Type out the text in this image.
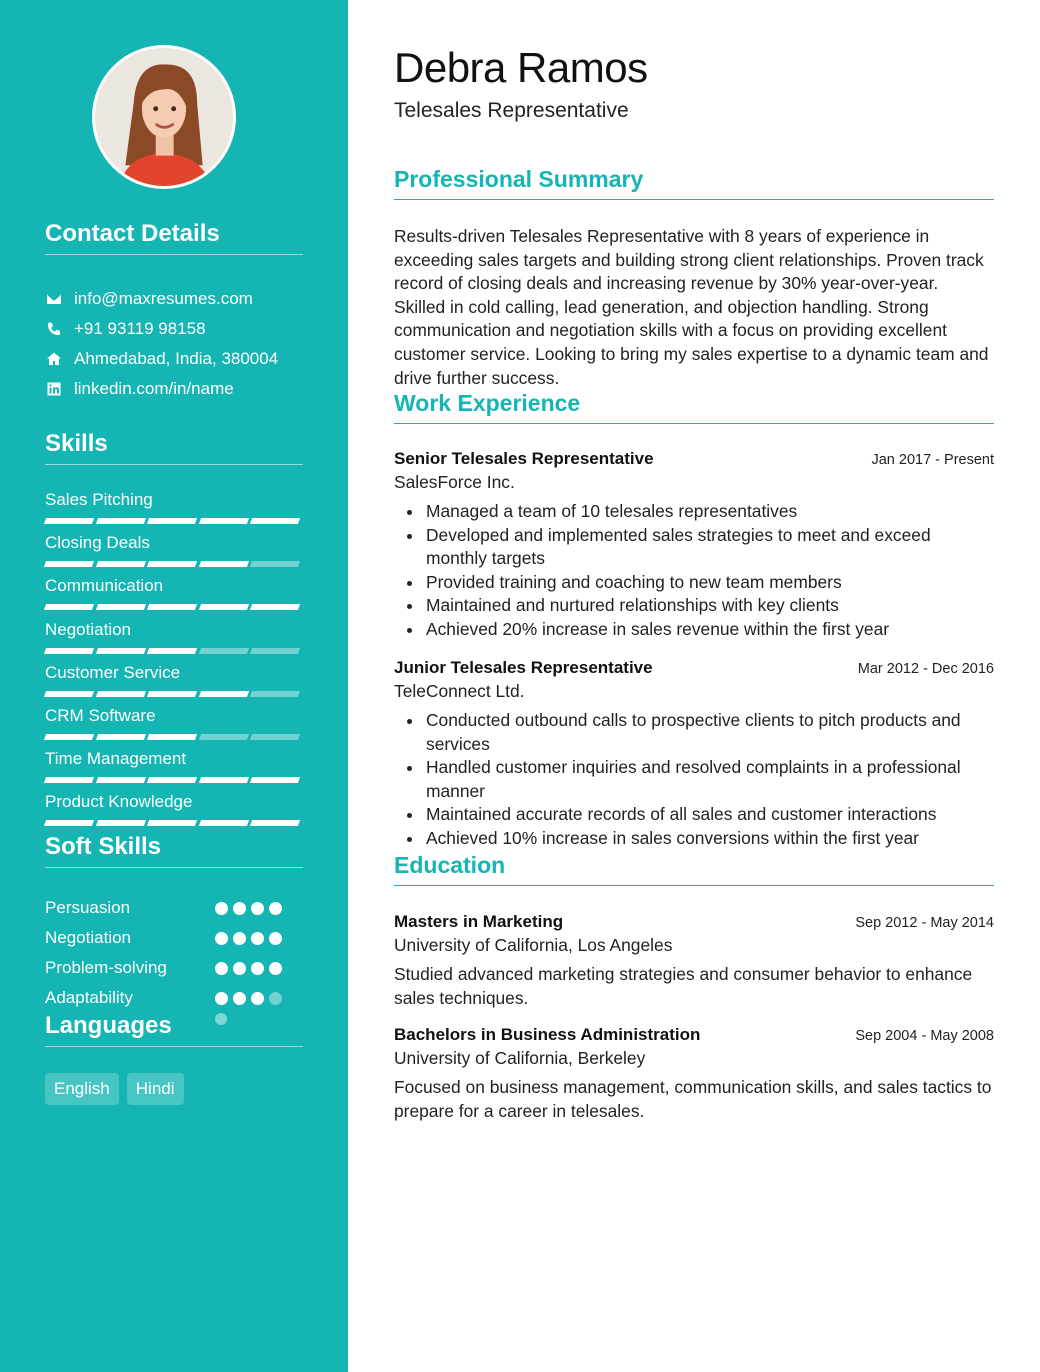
Contact Details
info@maxresumes.com
+91 93119 98158
Ahmedabad, India, 380004
linkedin.com/in/name
Skills
Sales Pitching
Closing Deals
Communication
Negotiation
Customer Service
CRM Software
Time Management
Product Knowledge
Soft Skills
Persuasion
Negotiation
Problem-solving
Adaptability
Languages
English	Hindi
Debra Ramos
Telesales Representative
Professional Summary

Results-driven Telesales Representative with 8 years of experience in exceeding sales targets and building strong client relationships. Proven track record of closing deals and increasing revenue by 30% year-over-year. Skilled in cold calling, lead generation, and objection handling. Strong communication and negotiation skills with a focus on providing excellent customer service. Looking to bring my sales expertise to a dynamic team and drive further success.

Work Experience
Senior Telesales Representative	Jan 2017 - Present
SalesForce Inc.
Managed a team of 10 telesales representatives
Developed and implemented sales strategies to meet and exceed monthly targets
Provided training and coaching to new team members
Maintained and nurtured relationships with key clients
Achieved 20% increase in sales revenue within the first year
Junior Telesales Representative	Mar 2012 - Dec 2016
TeleConnect Ltd.
Conducted outbound calls to prospective clients to pitch products and services
Handled customer inquiries and resolved complaints in a professional manner
Maintained accurate records of all sales and customer interactions
Achieved 10% increase in sales conversions within the first year
Education
Masters in Marketing	Sep 2012 - May 2014
University of California, Los Angeles

Studied advanced marketing strategies and consumer behavior to enhance sales techniques.

Bachelors in Business Administration	Sep 2004 - May 2008
University of California, Berkeley

Focused on business management, communication skills, and sales tactics to prepare for a career in telesales.
